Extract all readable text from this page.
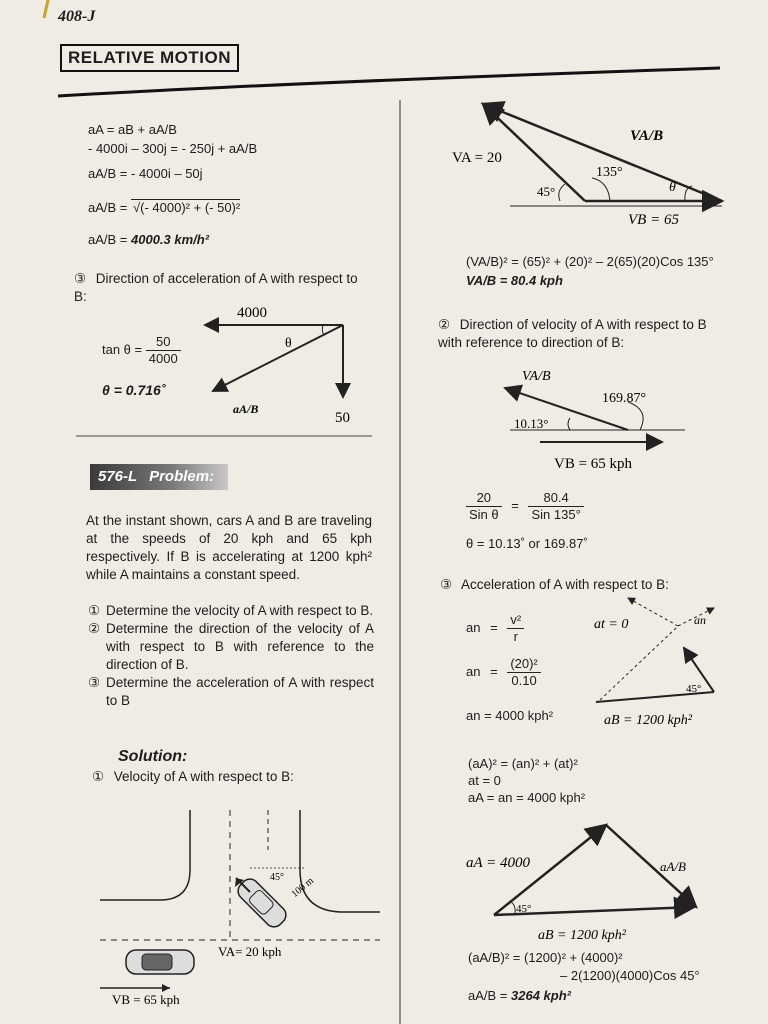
408-J
RELATIVE MOTION
aA = aB + aA/B
- 4000i – 300j = - 250j + aA/B
aA/B = - 4000i – 50j
aA/B = √(- 4000)² + (- 50)²
aA/B = 4000.3 km/h²
③ Direction of acceleration of A with respect to B:
$\tan \theta = \frac{50}{4000}$
θ = 0.716˚
4000
θ
aA/B
50
576-L Problem:
At the instant shown, cars A and B are traveling at the speeds of 20 kph and 65 kph respectively. If B is accelerating at 1200 kph² while A maintains a constant speed.
① Determine the velocity of A with respect to B.
② Determine the direction of the velocity of A with respect to B with reference to the direction of B.
③ Determine the acceleration of A with respect to B
Solution:
① Velocity of A with respect to B:
45° 100 m
VA= 20 kph
VB = 65 kph
VA = 20
VA/B
135°
45°	θ
VB = 65
(VA/B)² = (65)² + (20)² – 2(65)(20)Cos 135°
VA/B = 80.4 kph
② Direction of velocity of A with respect to B with reference to direction of B:
VA/B
169.87°
10.13°
VB = 65 kph
$\frac{20}{\text{Sin θ}} = \frac{80.4}{\text{Sin 135°}}$
θ = 10.13˚ or 169.87˚
③ Acceleration of A with respect to B:
an = $\frac{\text{v²}}{r}$
an = $\frac{\text{(20)²}}{0.10}$
an = 4000 kph²
at = 0	an
45°
aB = 1200 kph²
(aA)² = (an)² + (at)²
at = 0
aA = an = 4000 kph²
aA = 4000	aA/B
45°
aB = 1200 kph²
(aA/B)² = (1200)² + (4000)²
– 2(1200)(4000)Cos 45°
aA/B = 3264 kph²
